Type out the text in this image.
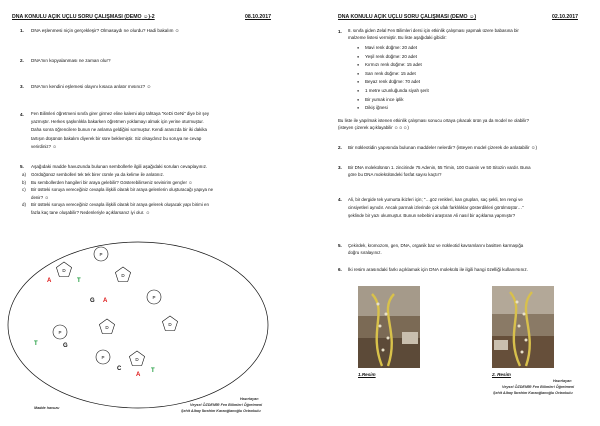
DNA KONULU AÇIK UÇLU SORU ÇALIŞMASI (DEMO ☺)-2	08.10.2017
1. DNA eşlenmesi niçin gerçekleşir? Olmasaydı ne olurdu? Hadi bakalım ☺
2. DNA'nın kopyalanması ne zaman olur?
3. DNA'nın kendini eşlemesi olayını kısaca anlatır mısınız? ☺
4. Fen Bilimleri öğretmeni sınıfa girer girmez eline kalemi alıp tahtaya "KeDi GeNi" diye bir şey
yazmıştır. Herkes şaşkınlıkla bakarken öğretmen yoklamayı almak için yerine oturmuştur.
Daha sonra öğrencilere bunun ne anlama geldiğini sormuştur. Kendi aranızda bir iki dakika
tartışın düşünün bakalım diyerek bir süre beklemiştir. Siz olsaydınız bu soruya ne cevap
verirdiniz? ☺
5. Aşağıdaki madde havuzunda bulunan sembollerle ilgili aşağıdaki soruları cevaplayınız.
a) Gördüğünüz sembolleri tek tek birer cümle ya da kelime ile anlatınız.
b) Bu sembollerden hangileri bir araya gelebilir? Gösterebilirseniz sevinirim gençler ☺
c) Bir üstteki soruya vereceğiniz cevapla ilişkili olarak bir araya gelenlerin oluşturacağı yapıya ne
denir? ☺
d) Bir üstteki soruya vereceğiniz cevapla ilişkili olarak bir araya gelerek oluşacak yapı birimi en
fazla kaç tane oluşabilir? Nedenleriyle açıklarsanız iyi olur. ☺
A	T
G A
T	G
C
A
T
P
D
D
P
D
P
D
P	D
Madde havuzu
Hazırlayan
Veysel ÖZDEMİR Fen Bilimleri Öğretmeni
Şehit Albay İbrahim Karaoğlanoğlu Ortaokulu
DNA KONULU AÇIK UÇLU SORU ÇALIŞMASI (DEMO ☺)	02.10.2017
1. 8. sınıfa giden Zelal Fen Bilimleri dersi için etkinlik çalışması yapmak üzere babasına bir
malzeme listesi vermiştir. Bu liste aşağıdaki gibidir:
● Mavi renk düğme: 20 adet
● Yeşil renk düğme: 20 adet
● Kırmızı renk düğme: 15 adet
● Sarı renk düğme: 15 adet
● Beyaz renk düğme: 70 adet
● 1 metre uzunluğunda siyah şerit
● Bir yumak ince iplik
● Dikiş iğnesi
Bu liste ile yapılmak istenen etkinlik çalışması sonucu ortaya çıkacak ürün ya da model ne olabilir?
(isteyen çizerek açıklayabilir ☺☺☺)
2. Bir nükleotidin yapısında bulunan maddeler nelerdir? (isteyen model çizerek de anlatabilir ☺)
3. Bir DNA molekülünün 1. zincirinde 75 Adenin, 55 Timin, 100 Guanin ve 50 Sitozin vardır. Buna
göre bu DNA molekülündeki fosfat sayısı kaçtır?
4. Ali, bir dergide tek yumurta ikizleri için; "…göz renkleri, kan grupları, saç şekli, ten rengi ve
cinsiyetleri aynıdır. Ancak parmak izlerinde çok ufak farklılıklar gösterdikleri görülmüştür…"
şeklinde bir yazı okumuştur. Bunun sebebini araştıran Ali nasıl bir açıklama yapmıştır?
5. Çekirdek, kromozom, gen, DNA, organik baz ve nükleotid kavramlarını basitten karmaşığa
doğru sıralayınız.
6. İki resim arasındaki farkı açıklamak için DNA molekülü ile ilgili hangi özelliği kullanırsınız.
1.Resim	2. Resim
Hazırlayan
Veysel ÖZDEMİR Fen Bilimleri Öğretmeni
Şehit Albay İbrahim Karaoğlanoğlu Ortaokulu
